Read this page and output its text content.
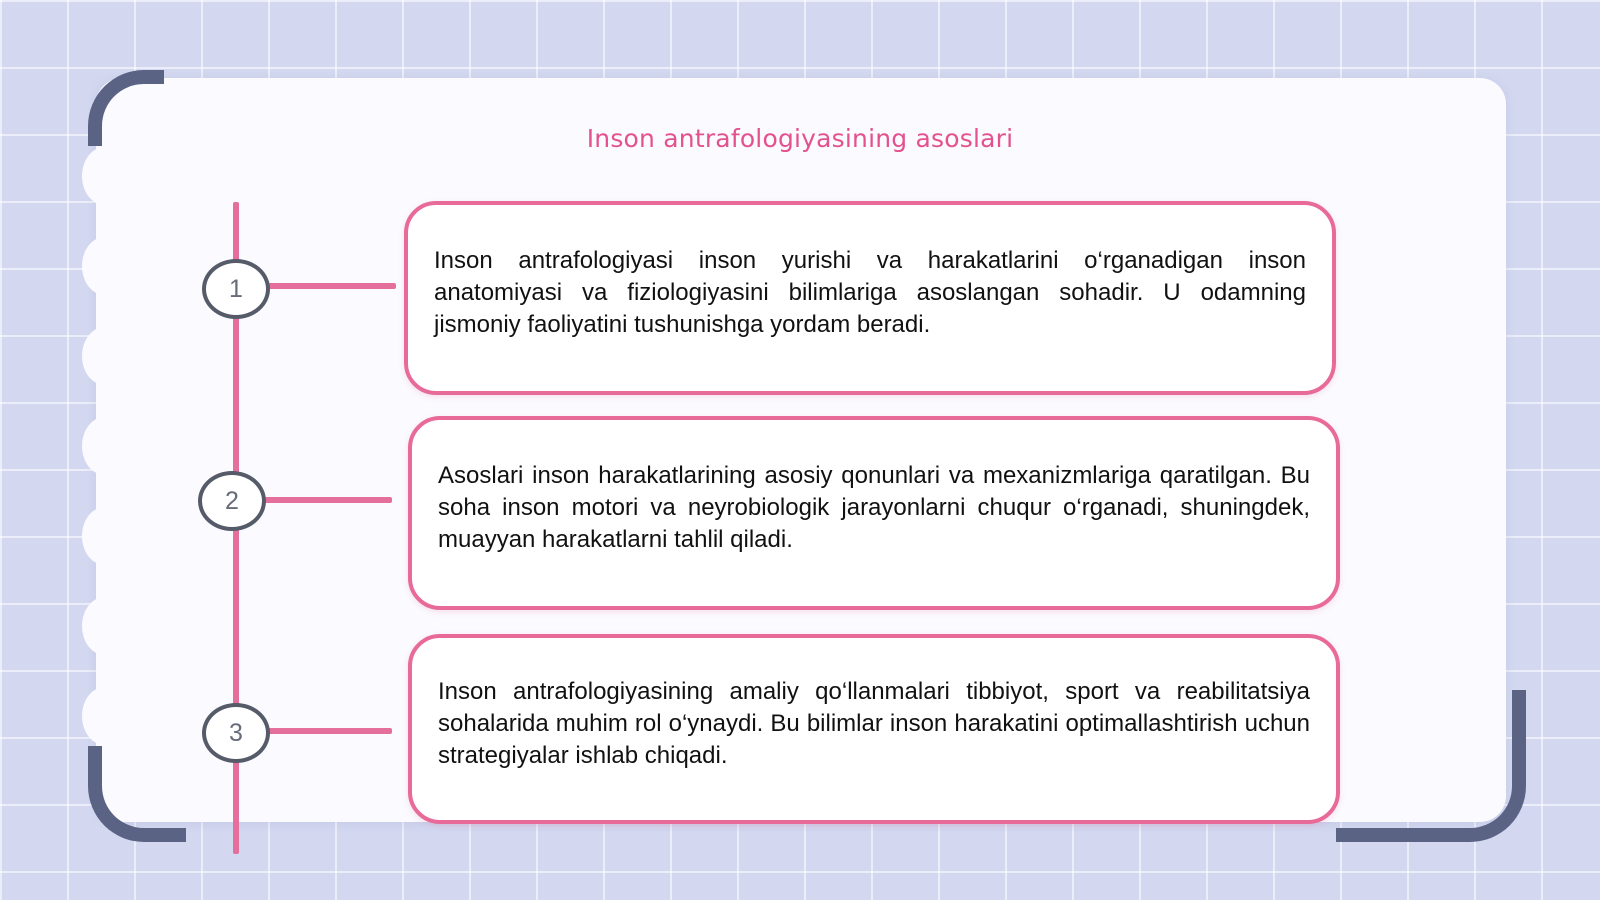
Inson antrafologiyasining asoslari
1
2
3

Inson antrafologiyasi inson yurishi va harakatlarini o‘rganadigan inson anatomiyasi va fiziologiyasini bilimlariga asoslangan sohadir. U odamning jismoniy faoliyatini tushunishga yordam beradi.

Asoslari inson harakatlarining asosiy qonunlari va mexanizmlariga qaratilgan. Bu soha inson motori va neyrobiologik jarayonlarni chuqur o‘rganadi, shuningdek, muayyan harakatlarni tahlil qiladi.

Inson antrafologiyasining amaliy qo‘llanmalari tibbiyot, sport va reabilitatsiya sohalarida muhim rol o‘ynaydi. Bu bilimlar inson harakatini optimallashtirish uchun strategiyalar ishlab chiqadi.
